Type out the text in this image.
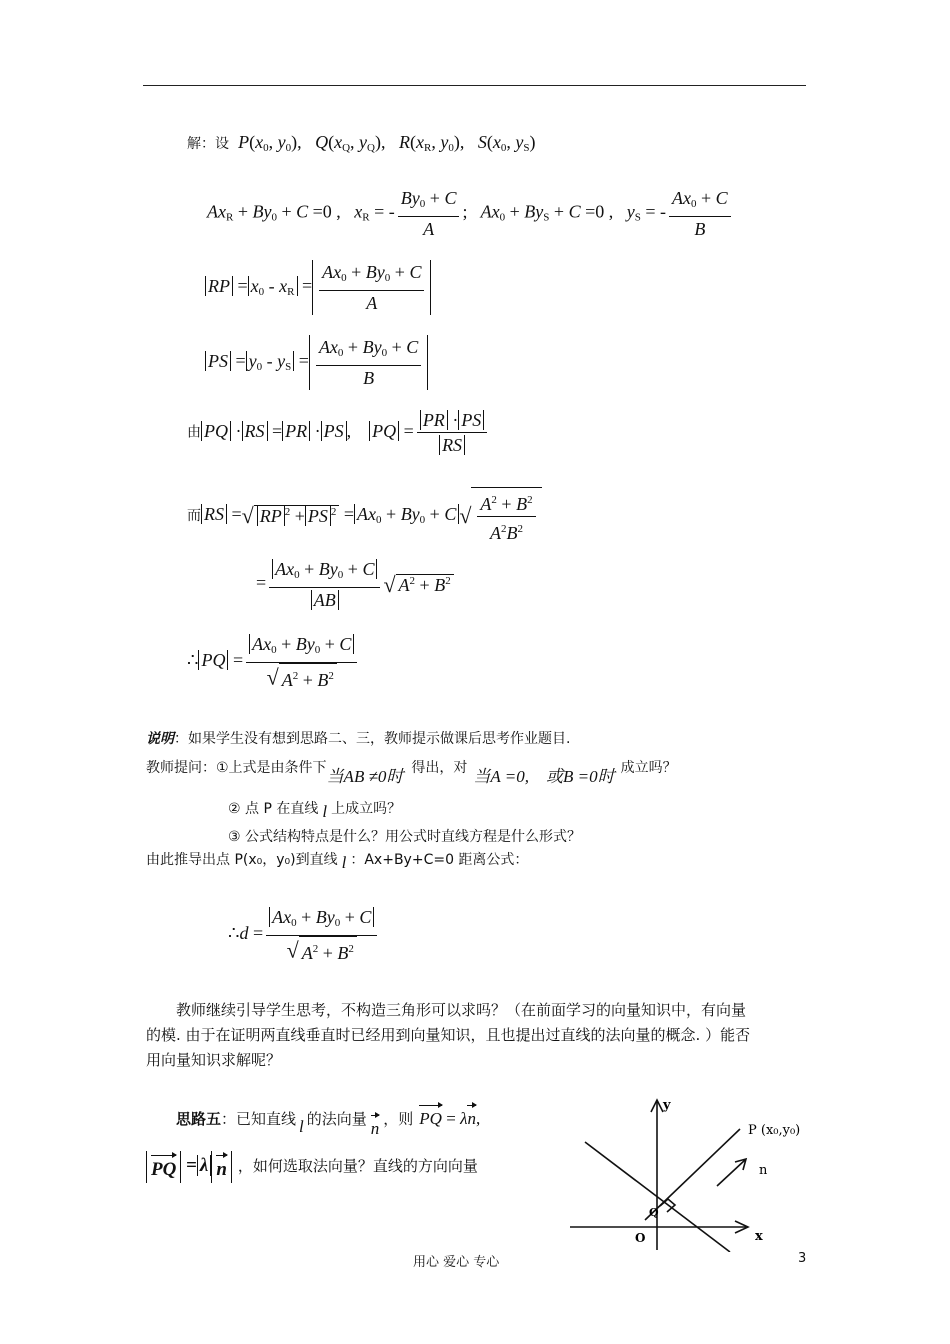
解：设 $P(x_0$, $y_0$),   $Q(x_Q$, $y_Q$),   $R(x_R$, $y_0$),   $S(x_0$, $y_S$)
$Ax_R + By_0 + C =0$ ,   $x_R$ = - $\frac{By_0 + C}{A}$ ;   $Ax_0 + By_S + C =0$ ,   $y_S$ = - $\frac{Ax_0 + C}{B}$
RP = $x_0 - x_R = \frac{Ax_0 + By_0 + C}{A}$
PS = $y_0 - y_S = \frac{Ax_0 + By_0 + C}{B}$
由 PQ · RS = PR · PS , PQ = $\frac{PR \cdot PS}{RS}$
而 RS =√ RP $^2$ + PS $^2 = Ax_0 + By_0 + C$ √ $\frac{A^2 + B^2}{A^2B^2}$
= $\frac{Ax_0 + By_0 + C}{AB}$ √ $A^2 + B^2$
∴ PQ = $\frac{Ax_0 + By_0 + C}{√ A^2 + B^2}$
说明：如果学生没有想到思路二、三，教师提示做课后思考作业题目.
教师提问：①上式是由条件下当AB ≠0时 得出，对 当A =0,　或B =0时 成立吗？
② 点 P 在直线 l 上成立吗？
③ 公式结构特点是什么？用公式时直线方程是什么形式？
由此推导出点 P(x₀，y₀)到直线 l ：Ax+By+C=0 距离公式：
∴d = $\frac{Ax_0 + By_0 + C}{√ A^2 + B^2}$
教师继续引导学生思考，不构造三角形可以求吗？（在前面学习的向量知识中，有向量
的模. 由于在证明两直线垂直时已经用到向量知识，且也提出过直线的法向量的概念. ）能否
用向量知识求解呢？
思路五：已知直线 l 的法向量 n ，则 PQ = λn,
PQ = λ n ，如何选取法向量？直线的方向向量
y
x
O
Q
P (x₀,y₀)
n
用心 爱心 专心	3
